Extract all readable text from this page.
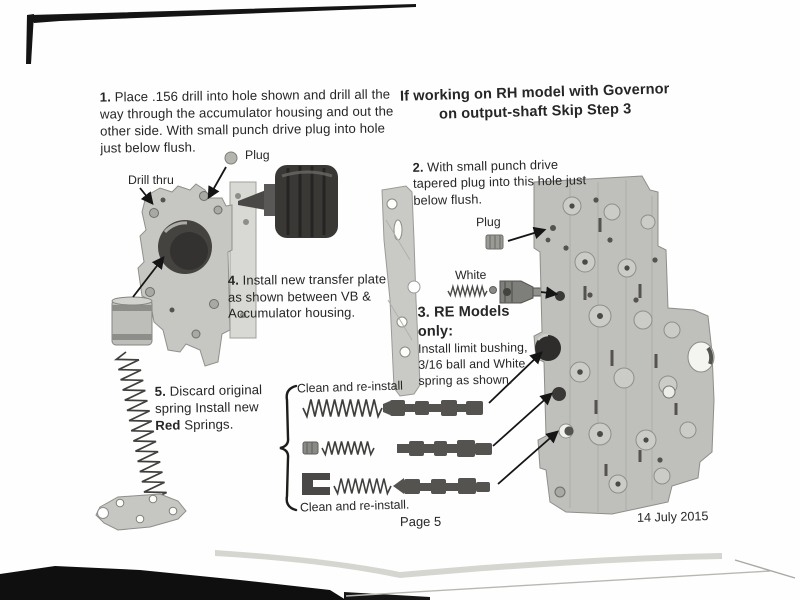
1. Place .156 drill into hole shown and drill all the way through the accumulator housing and out the other side. With small punch drive plug into hole just below flush.
If working on RH model with Governor
on output-shaft Skip Step 3
2. With small punch drive tapered plug into this hole just below flush.
3. RE Models only:
Install limit bushing, 3/16 ball and White spring as shown.
4. Install new transfer plate as shown between VB & Accumulator housing.
5. Discard original spring Install new Red Springs.
Plug
Drill thru
Plug
White
Clean and re-install
Clean and re-install.
Page 5	14 July 2015
